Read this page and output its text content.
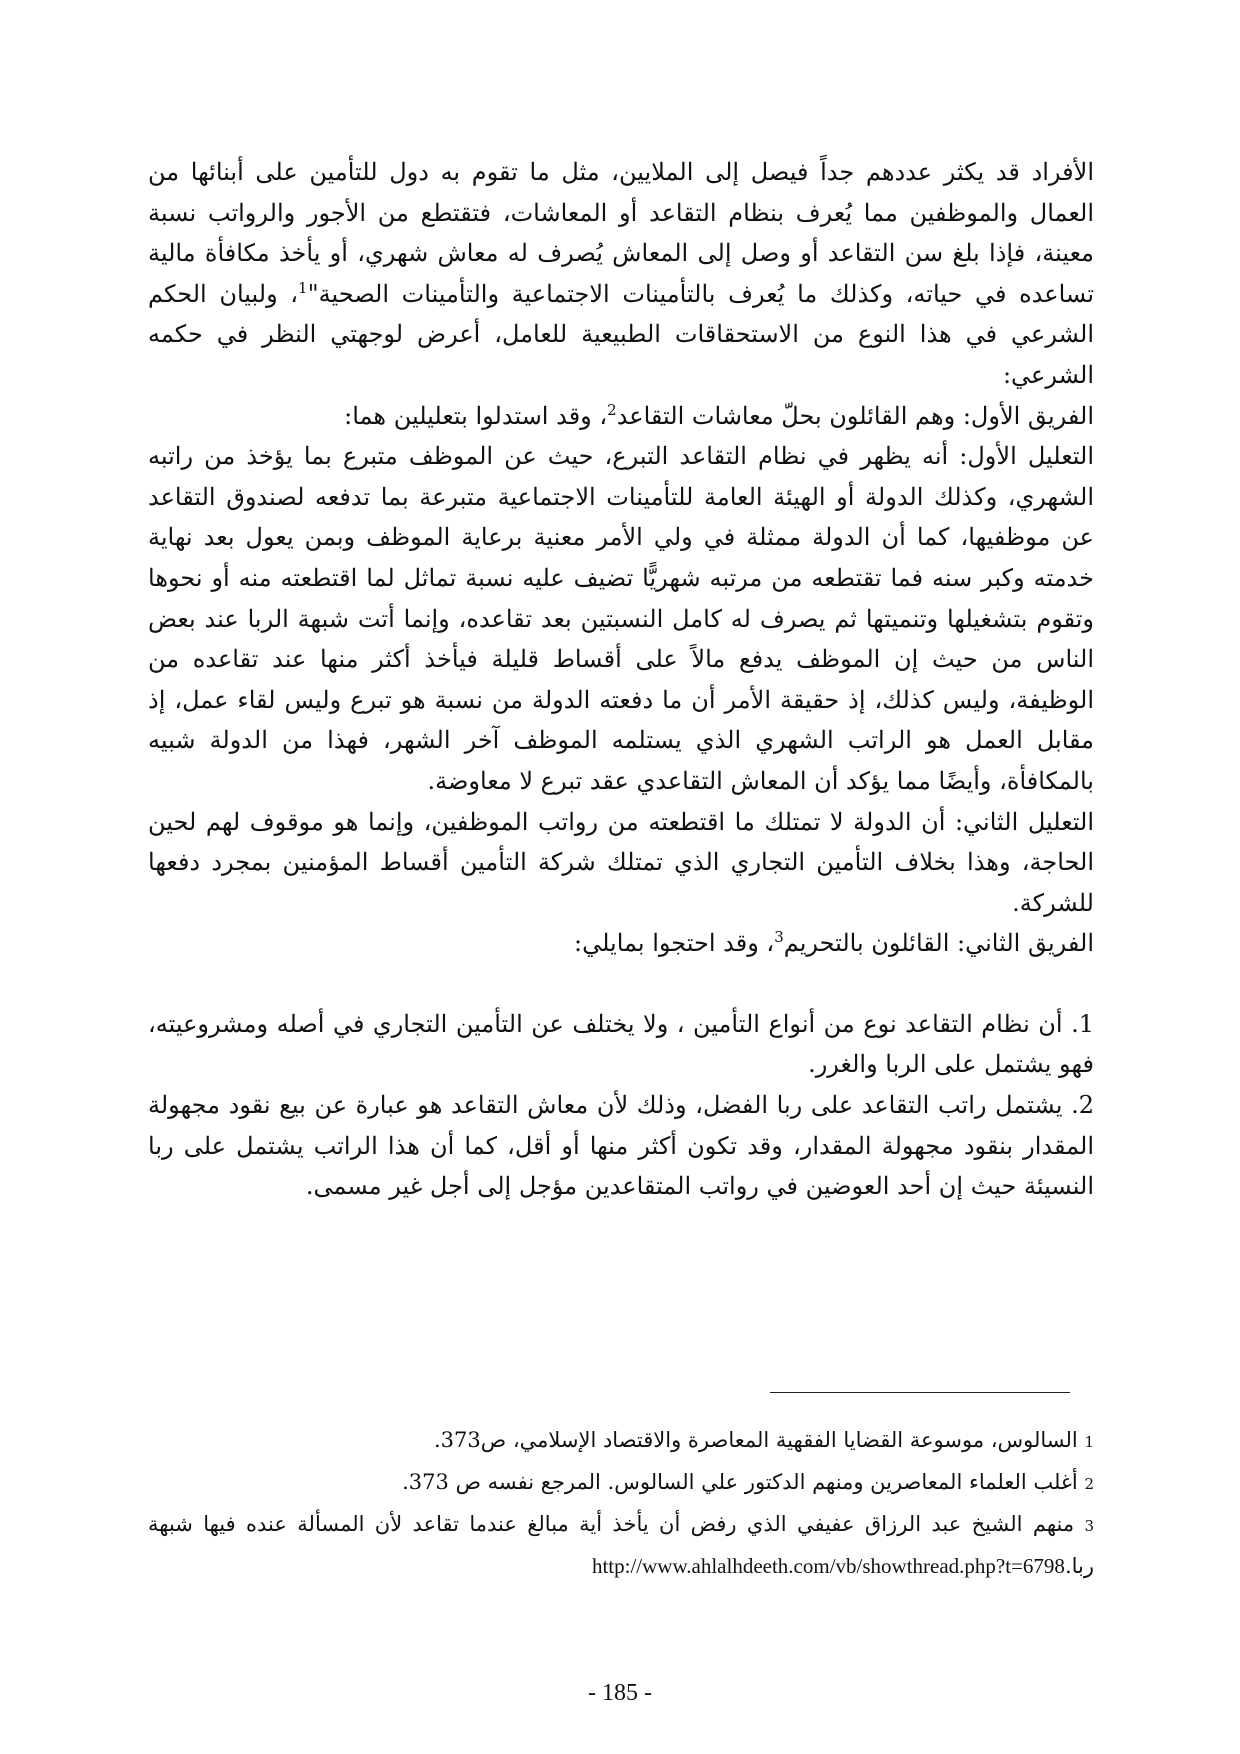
الأفراد قد يكثر عددهم جداً فيصل إلى الملايين، مثل ما تقوم به دول للتأمين على أبنائها من العمال والموظفين مما يُعرف بنظام التقاعد أو المعاشات، فتقتطع من الأجور والرواتب نسبة معينة، فإذا بلغ سن التقاعد أو وصل إلى المعاش يُصرف له معاش شهري، أو يأخذ مكافأة مالية تساعده في حياته، وكذلك ما يُعرف بالتأمينات الاجتماعية والتأمينات الصحية"$^1$، ولبيان الحكم الشرعي في هذا النوع من الاستحقاقات الطبيعية للعامل، أعرض لوجهتي النظر في حكمه الشرعي:

الفريق الأول: وهم القائلون بحلّ معاشات التقاعد$^2$، وقد استدلوا بتعليلين هما:

التعليل الأول: أنه يظهر في نظام التقاعد التبرع، حيث عن الموظف متبرع بما يؤخذ من راتبه الشهري، وكذلك الدولة أو الهيئة العامة للتأمينات الاجتماعية متبرعة بما تدفعه لصندوق التقاعد عن موظفيها، كما أن الدولة ممثلة في ولي الأمر معنية برعاية الموظف وبمن يعول بعد نهاية خدمته وكبر سنه فما تقتطعه من مرتبه شهريًّا تضيف عليه نسبة تماثل لما اقتطعته منه أو نحوها وتقوم بتشغيلها وتنميتها ثم يصرف له كامل النسبتين بعد تقاعده، وإنما أتت شبهة الربا عند بعض الناس من حيث إن الموظف يدفع مالاً على أقساط قليلة فيأخذ أكثر منها عند تقاعده من الوظيفة، وليس كذلك، إذ حقيقة الأمر أن ما دفعته الدولة من نسبة هو تبرع وليس لقاء عمل، إذ مقابل العمل هو الراتب الشهري الذي يستلمه الموظف آخر الشهر، فهذا من الدولة شبيه بالمكافأة، وأيضًا مما يؤكد أن المعاش التقاعدي عقد تبرع لا معاوضة.

التعليل الثاني: أن الدولة لا تمتلك ما اقتطعته من رواتب الموظفين، وإنما هو موقوف لهم لحين الحاجة، وهذا بخلاف التأمين التجاري الذي تمتلك شركة التأمين أقساط المؤمنين بمجرد دفعها للشركة.

الفريق الثاني: القائلون بالتحريم$^3$، وقد احتجوا بمايلي:

1. أن نظام التقاعد نوع من أنواع التأمين ، ولا يختلف عن التأمين التجاري في أصله ومشروعيته، فهو يشتمل على الربا والغرر.

2. يشتمل راتب التقاعد على ربا الفضل، وذلك لأن معاش التقاعد هو عبارة عن بيع نقود مجهولة المقدار بنقود مجهولة المقدار، وقد تكون أكثر منها أو أقل، كما أن هذا الراتب يشتمل على ربا النسيئة حيث إن أحد العوضين في رواتب المتقاعدين مؤجل إلى أجل غير مسمى.

1 السالوس، موسوعة القضايا الفقهية المعاصرة والاقتصاد الإسلامي، ص373.

2 أغلب العلماء المعاصرين ومنهم الدكتور علي السالوس. المرجع نفسه ص 373.

3 منهم الشيخ عبد الرزاق عفيفي الذي رفض أن يأخذ أية مبالغ عندما تقاعد لأن المسألة عنده فيها شبهة ربا.http://www.ahlalhdeeth.com/vb/showthread.php?t=6798

- 185 -
